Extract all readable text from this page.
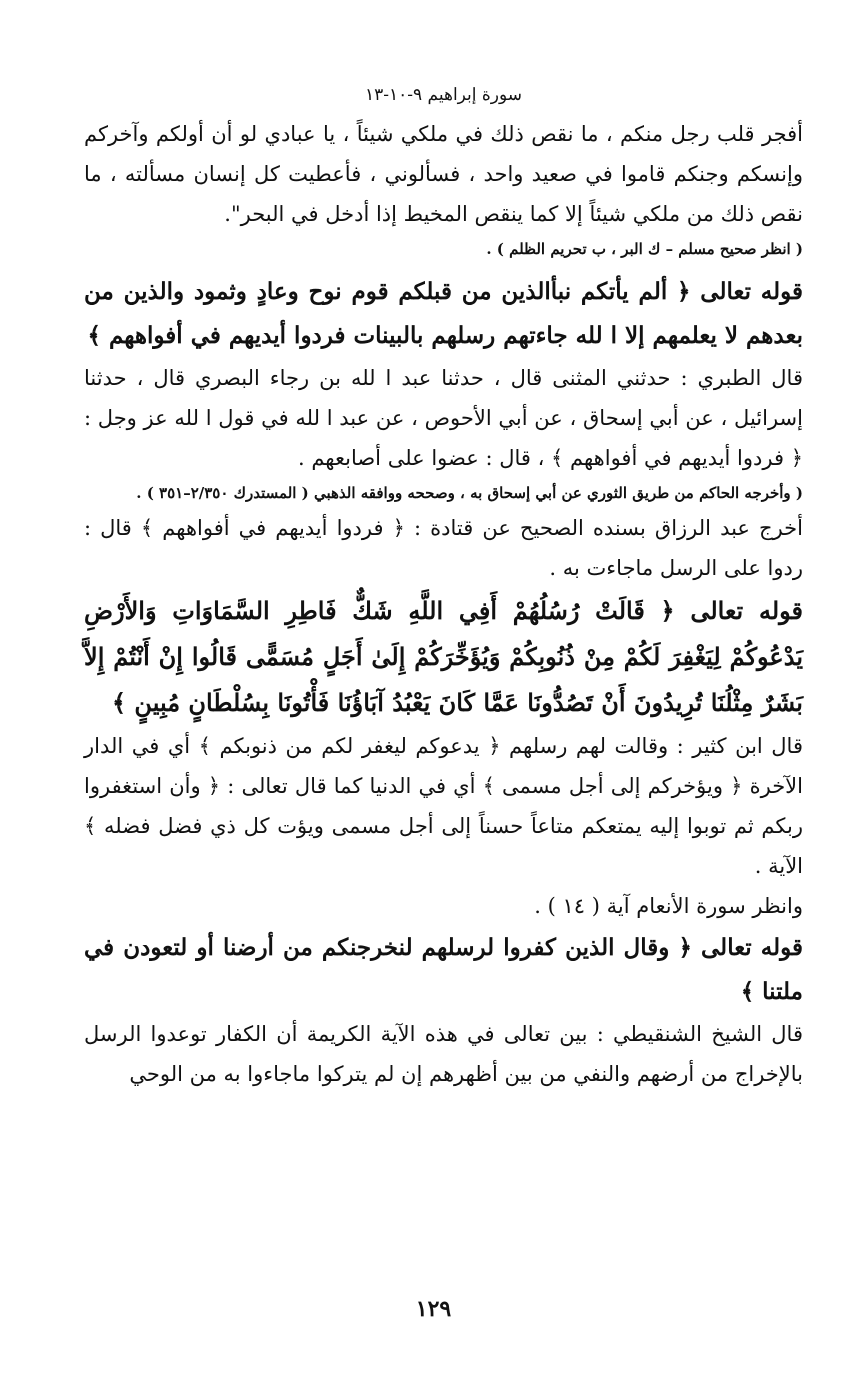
سورة إبراهيم ٩-١٠-١٣

أفجر قلب رجل منكم ، ما نقص ذلك في ملكي شيئاً ، يا عبادي لو أن أولكم وآخركم وإنسكم وجنكم قاموا في صعيد واحد ، فسألوني ، فأعطيت كل إنسان مسألته ، ما نقص ذلك من ملكي شيئاً إلا كما ينقص المخيط إذا أدخل في البحر".

( انظر صحيح مسلم – ك البر ، ب تحريم الظلم ) .

قوله تعالى ﴿ ألم يأتكم نبأالذين من قبلكم قوم نوح وعادٍ وثمود والذين من بعدهم لا يعلمهم إلا ا لله جاءتهم رسلهم بالبينات فردوا أيديهم في أفواههم ﴾

قال الطبري : حدثني المثنى قال ، حدثنا عبد ا لله بن رجاء البصري قال ، حدثنا إسرائيل ، عن أبي إسحاق ، عن أبي الأحوص ، عن عبد ا لله في قول ا لله عز وجل : ﴿ فردوا أيديهم في أفواههم ﴾ ، قال : عضوا على أصابعهم .

( وأخرجه الحاكم من طريق الثوري عن أبي إسحاق به ، وصححه ووافقه الذهبي ( المستدرك ٢/٣٥٠–٣٥١ ) .

أخرج عبد الرزاق بسنده الصحيح عن قتادة : ﴿ فردوا أيديهم في أفواههم ﴾ قال : ردوا على الرسل ماجاءت به .

قوله تعالى ﴿ قَالَتْ رُسُلُهُمْ أَفِي اللَّهِ شَكٌّ فَاطِرِ السَّمَاوَاتِ وَالأَرْضِ يَدْعُوكُمْ لِيَغْفِرَ لَكُمْ مِنْ ذُنُوبِكُمْ وَيُؤَخِّرَكُمْ إِلَىٰ أَجَلٍ مُسَمًّى قَالُوا إِنْ أَنْتُمْ إِلاَّ بَشَرٌ مِثْلُنَا تُرِيدُونَ أَنْ تَصُدُّونَا عَمَّا كَانَ يَعْبُدُ آبَاؤُنَا فَأْتُونَا بِسُلْطَانٍ مُبِينٍ ﴾

قال ابن كثير : وقالت لهم رسلهم ﴿ يدعوكم ليغفر لكم من ذنوبكم ﴾ أي في الدار الآخرة ﴿ ويؤخركم إلى أجل مسمى ﴾ أي في الدنيا كما قال تعالى : ﴿ وأن استغفروا ربكم ثم توبوا إليه يمتعكم متاعاً حسناً إلى أجل مسمى ويؤت كل ذي فضل فضله ﴾ الآية .

وانظر سورة الأنعام آية ( ١٤ ) .

قوله تعالى ﴿ وقال الذين كفروا لرسلهم لنخرجنكم من أرضنا أو لتعودن في ملتنا ﴾

قال الشيخ الشنقيطي : بين تعالى في هذه الآية الكريمة أن الكفار توعدوا الرسل بالإخراج من أرضهم والنفي من بين أظهرهم إن لم يتركوا ماجاءوا به من الوحي

١٢٩
